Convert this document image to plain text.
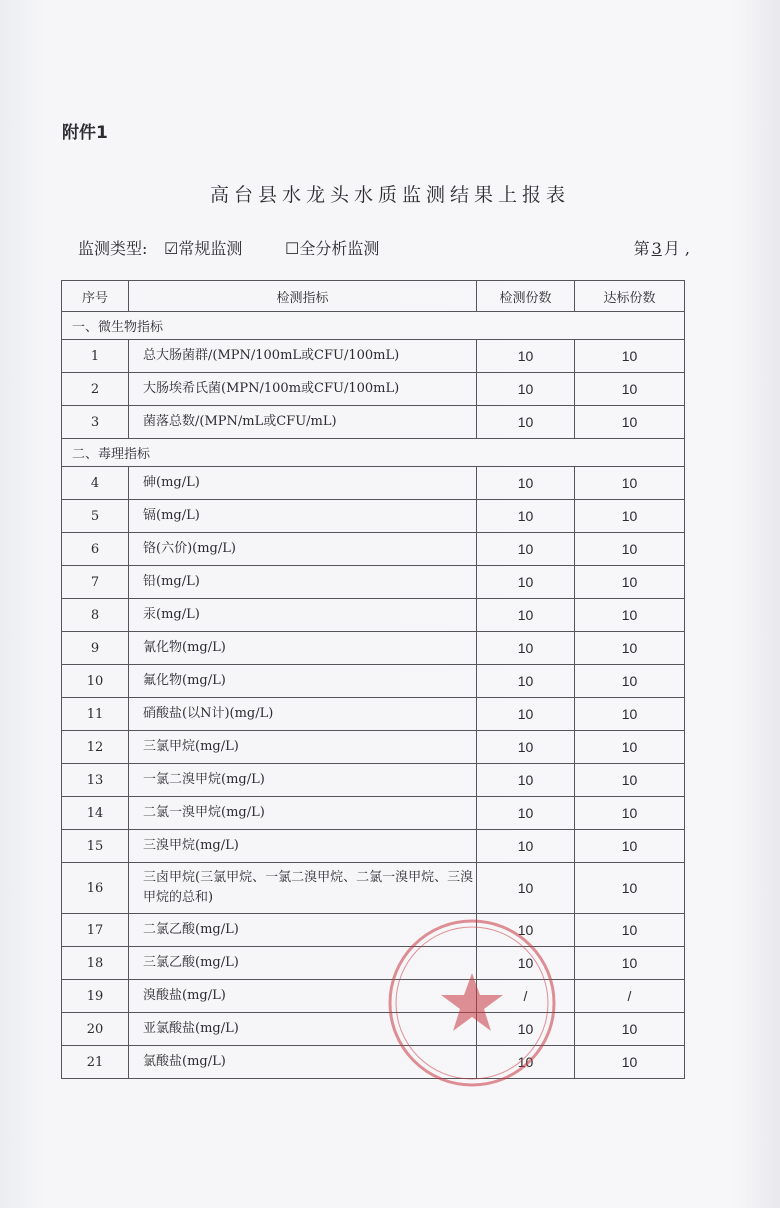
附件1
高台县水龙头水质监测结果上报表
监测类型: ☑常规监测	☐全分析监测	第 3 月 ,
序号	检测指标	检测份数	达标份数
一、微生物指标			
1	总大肠菌群/(MPN/100mL或CFU/100mL)	10	10
2	大肠埃希氏菌(MPN/100m或CFU/100mL)	10	10
3	菌落总数/(MPN/mL或CFU/mL)	10	10
二、毒理指标			
4	砷(mg/L)	10	10
5	镉(mg/L)	10	10
6	铬(六价)(mg/L)	10	10
7	铅(mg/L)	10	10
8	汞(mg/L)	10	10
9	氰化物(mg/L)	10	10
10	氟化物(mg/L)	10	10
11	硝酸盐(以N计)(mg/L)	10	10
12	三氯甲烷(mg/L)	10	10
13	一氯二溴甲烷(mg/L)	10	10
14	二氯一溴甲烷(mg/L)	10	10
15	三溴甲烷(mg/L)	10	10
16	三卤甲烷(三氯甲烷、一氯二溴甲烷、二氯一溴甲烷、三溴甲烷的总和)	10	10
17	二氯乙酸(mg/L)	10	10
18	三氯乙酸(mg/L)	10	10
19	溴酸盐(mg/L)	/	/
20	亚氯酸盐(mg/L)	10	10
21	氯酸盐(mg/L)	10	10
